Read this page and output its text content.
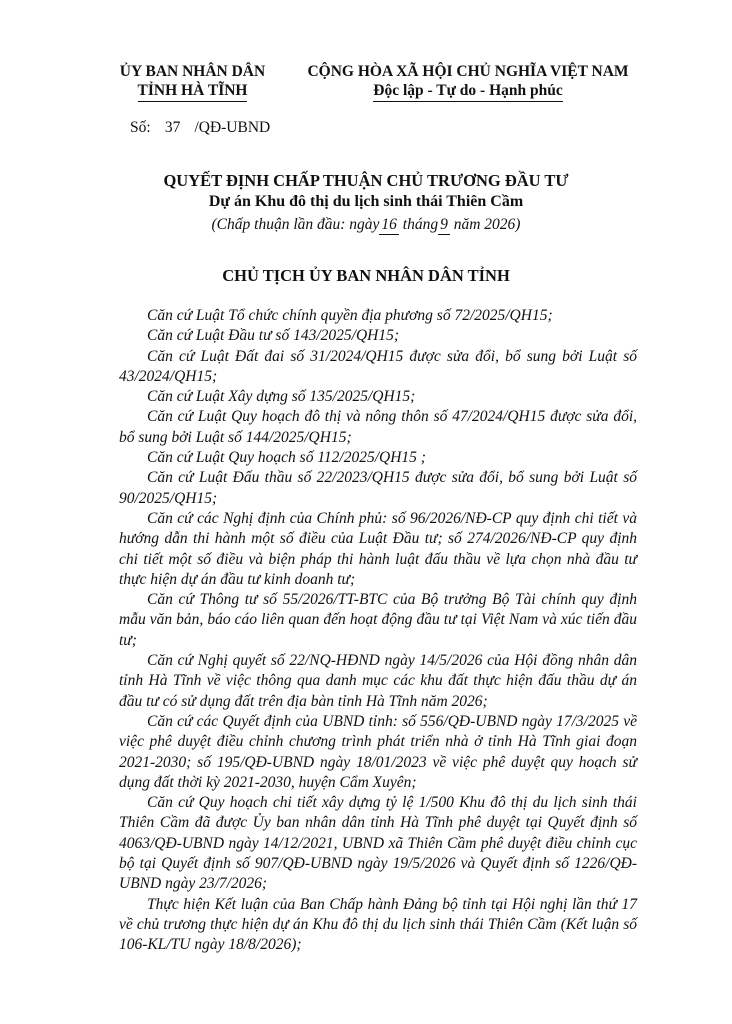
ỦY BAN NHÂN DÂN
TỈNH HÀ TĨNH
CỘNG HÒA XÃ HỘI CHỦ NGHĨA VIỆT NAM
Độc lập - Tự do - Hạnh phúc
Số: 37 /QĐ-UBND
QUYẾT ĐỊNH CHẤP THUẬN CHỦ TRƯƠNG ĐẦU TƯ
Dự án Khu đô thị du lịch sinh thái Thiên Cầm
(Chấp thuận lần đầu: ngày 16 tháng 9 năm 2026)
CHỦ TỊCH ỦY BAN NHÂN DÂN TỈNH

Căn cứ Luật Tổ chức chính quyền địa phương số 72/2025/QH15;

Căn cứ Luật Đầu tư số 143/2025/QH15;

Căn cứ Luật Đất đai số 31/2024/QH15 được sửa đổi, bổ sung bởi Luật số 43/2024/QH15;

Căn cứ Luật Xây dựng số 135/2025/QH15;

Căn cứ Luật Quy hoạch đô thị và nông thôn số 47/2024/QH15 được sửa đổi, bổ sung bởi Luật số 144/2025/QH15;

Căn cứ Luật Quy hoạch số 112/2025/QH15 ;

Căn cứ Luật Đấu thầu số 22/2023/QH15 được sửa đổi, bổ sung bởi Luật số 90/2025/QH15;

Căn cứ các Nghị định của Chính phủ: số 96/2026/NĐ-CP quy định chi tiết và hướng dẫn thi hành một số điều của Luật Đầu tư; số 274/2026/NĐ-CP quy định chi tiết một số điều và biện pháp thi hành luật đấu thầu về lựa chọn nhà đầu tư thực hiện dự án đầu tư kinh doanh tư;

Căn cứ Thông tư số 55/2026/TT-BTC của Bộ trưởng Bộ Tài chính quy định mẫu văn bản, báo cáo liên quan đến hoạt động đầu tư tại Việt Nam và xúc tiến đầu tư;

Căn cứ Nghị quyết số 22/NQ-HĐND ngày 14/5/2026 của Hội đồng nhân dân tỉnh Hà Tĩnh về việc thông qua danh mục các khu đất thực hiện đấu thầu dự án đầu tư có sử dụng đất trên địa bàn tỉnh Hà Tĩnh năm 2026;

Căn cứ các Quyết định của UBND tỉnh: số 556/QĐ-UBND ngày 17/3/2025 về việc phê duyệt điều chỉnh chương trình phát triển nhà ở tỉnh Hà Tĩnh giai đoạn 2021-2030; số 195/QĐ-UBND ngày 18/01/2023 về việc phê duyệt quy hoạch sử dụng đất thời kỳ 2021-2030, huyện Cẩm Xuyên;

Căn cứ Quy hoạch chi tiết xây dựng tỷ lệ 1/500 Khu đô thị du lịch sinh thái Thiên Cầm đã được Ủy ban nhân dân tỉnh Hà Tĩnh phê duyệt tại Quyết định số 4063/QĐ-UBND ngày 14/12/2021, UBND xã Thiên Cầm phê duyệt điều chỉnh cục bộ tại Quyết định số 907/QĐ-UBND ngày 19/5/2026 và Quyết định số 1226/QĐ-UBND ngày 23/7/2026;

Thực hiện Kết luận của Ban Chấp hành Đảng bộ tỉnh tại Hội nghị lần thứ 17 về chủ trương thực hiện dự án Khu đô thị du lịch sinh thái Thiên Cầm (Kết luận số 106-KL/TU ngày 18/8/2026);
